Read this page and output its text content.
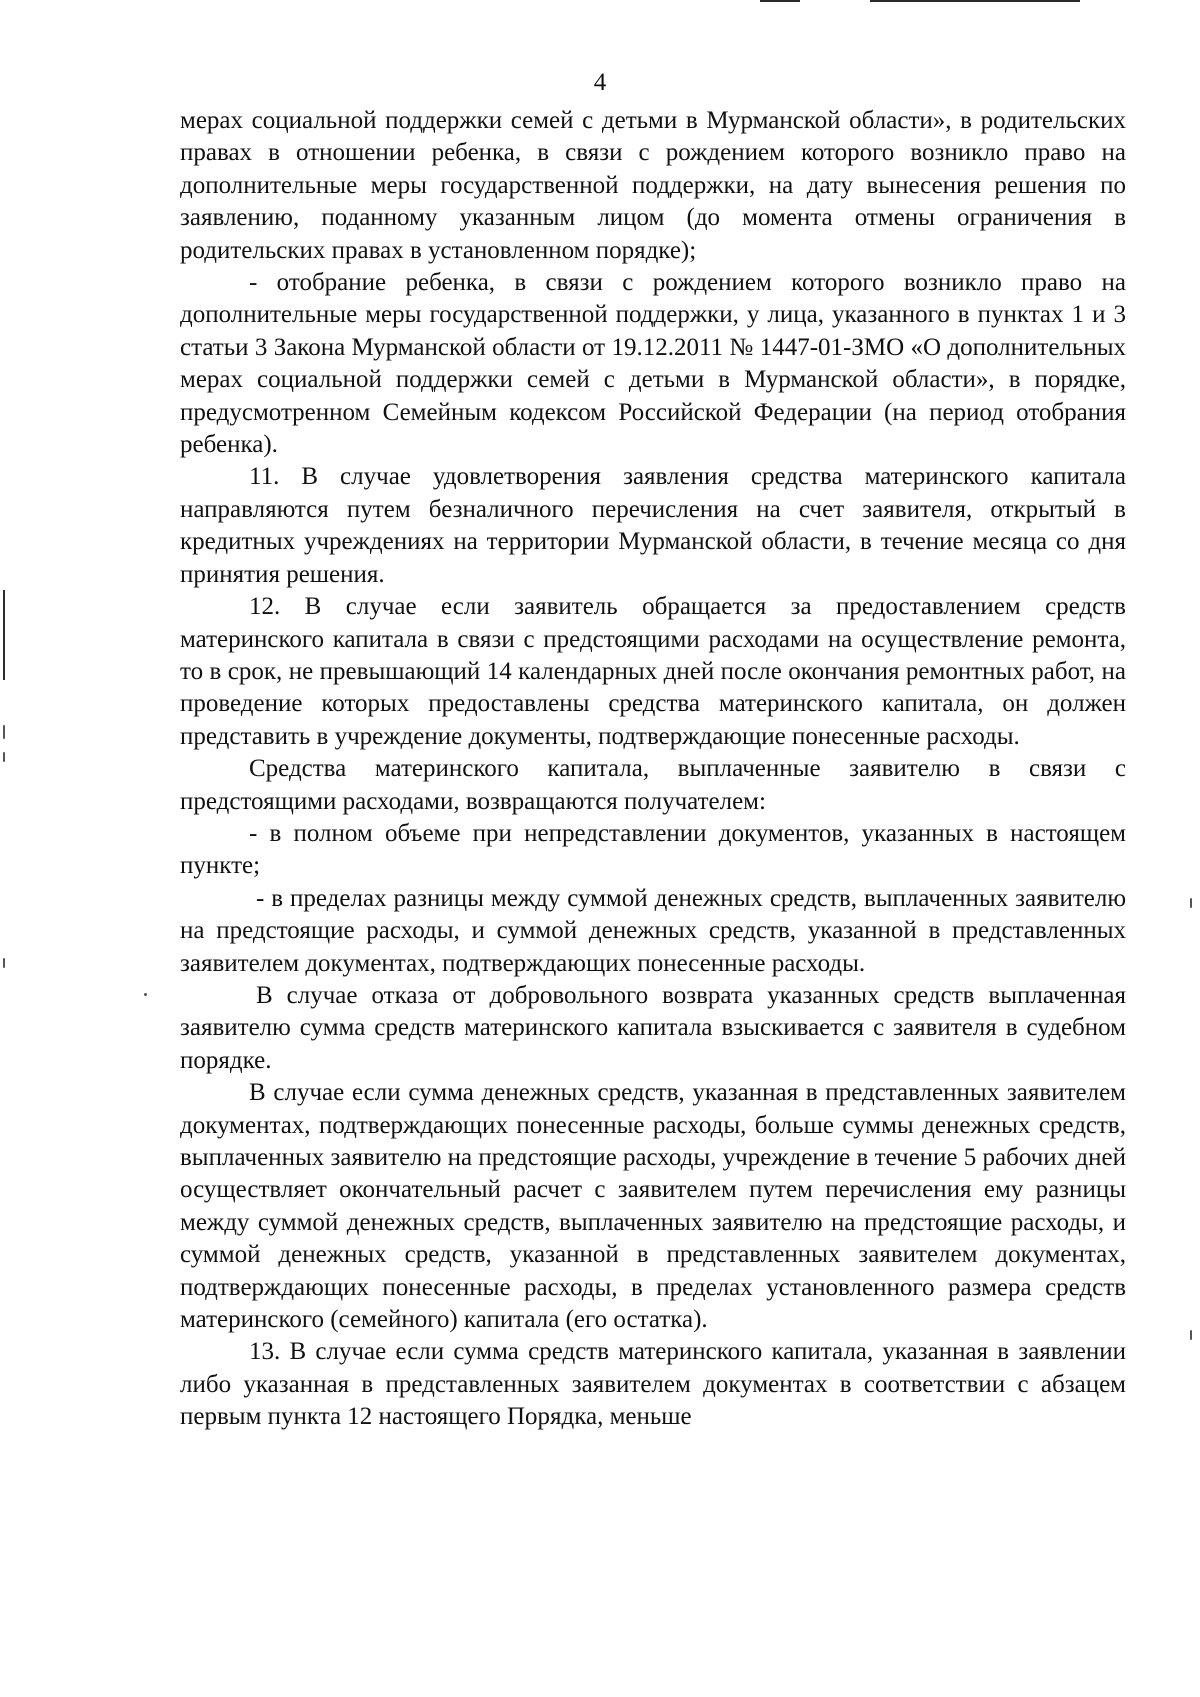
4

мерах социальной поддержки семей с детьми в Мурманской области», в родительских правах в отношении ребенка, в связи с рождением которого возникло право на дополнительные меры государственной поддержки, на дату вынесения решения по заявлению, поданному указанным лицом (до момента отмены ограничения в родительских правах в установленном порядке);

- отобрание ребенка, в связи с рождением которого возникло право на дополнительные меры государственной поддержки, у лица, указанного в пунктах 1 и 3 статьи 3 Закона Мурманской области от 19.12.2011 № 1447-01-ЗМО «О дополнительных мерах социальной поддержки семей с детьми в Мурманской области», в порядке, предусмотренном Семейным кодексом Российской Федерации (на период отобрания ребенка).

11. В случае удовлетворения заявления средства материнского капитала направляются путем безналичного перечисления на счет заявителя, открытый в кредитных учреждениях на территории Мурманской области, в течение месяца со дня принятия решения.

12. В случае если заявитель обращается за предоставлением средств материнского капитала в связи с предстоящими расходами на осуществление ремонта, то в срок, не превышающий 14 календарных дней после окончания ремонтных работ, на проведение которых предоставлены средства материнского капитала, он должен представить в учреждение документы, подтверждающие понесенные расходы.

Средства материнского капитала, выплаченные заявителю в связи с предстоящими расходами, возвращаются получателем:

- в полном объеме при непредставлении документов, указанных в настоящем пункте;

- в пределах разницы между суммой денежных средств, выплаченных заявителю на предстоящие расходы, и суммой денежных средств, указанной в представленных заявителем документах, подтверждающих понесенные расходы.

В случае отказа от добровольного возврата указанных средств выплаченная заявителю сумма средств материнского капитала взыскивается с заявителя в судебном порядке.

В случае если сумма денежных средств, указанная в представленных заявителем документах, подтверждающих понесенные расходы, больше суммы денежных средств, выплаченных заявителю на предстоящие расходы, учреждение в течение 5 рабочих дней осуществляет окончательный расчет с заявителем путем перечисления ему разницы между суммой денежных средств, выплаченных заявителю на предстоящие расходы, и суммой денежных средств, указанной в представленных заявителем документах, подтверждающих понесенные расходы, в пределах установленного размера средств материнского (семейного) капитала (его остатка).

13. В случае если сумма средств материнского капитала, указанная в заявлении либо указанная в представленных заявителем документах в соответствии с абзацем первым пункта 12 настоящего Порядка, меньше
